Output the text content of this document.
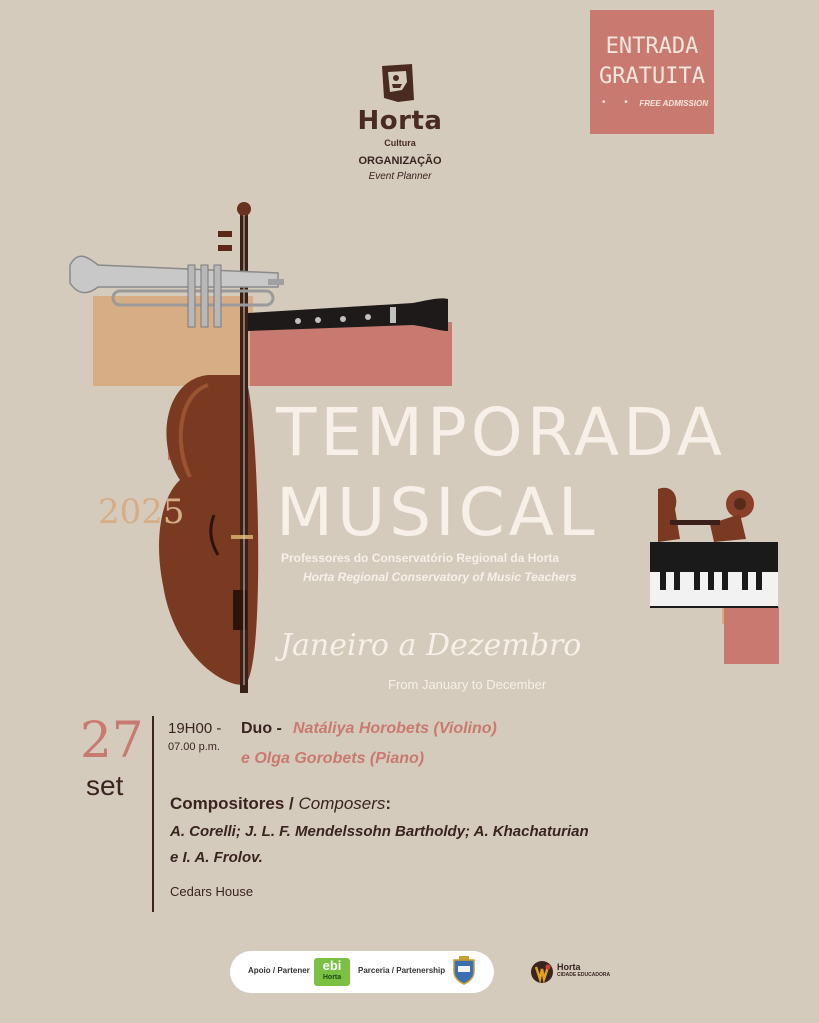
Horta
Cultura
ORGANIZAÇÃO
Event Planner
ENTRADA
GRATUITA
• • FREE ADMISSION
TEMPORADA
MUSICAL
2025
Professores do Conservatório Regional da Horta
Horta Regional Conservatory of Music Teachers
Janeiro a Dezembro
From January to December
27
set
19H00 -
07.00 p.m.
Duo - Natáliya Horobets (Violino)
e Olga Gorobets (Piano)
Compositores / Composers:
A. Corelli; J. L. F. Mendelssohn Bartholdy; A. Khachaturian
e I. A. Frolov.
Cedars House
Apoio / Partener ebi
Horta
Parceria / Partenership	Horta
CIDADE EDUCADORA
